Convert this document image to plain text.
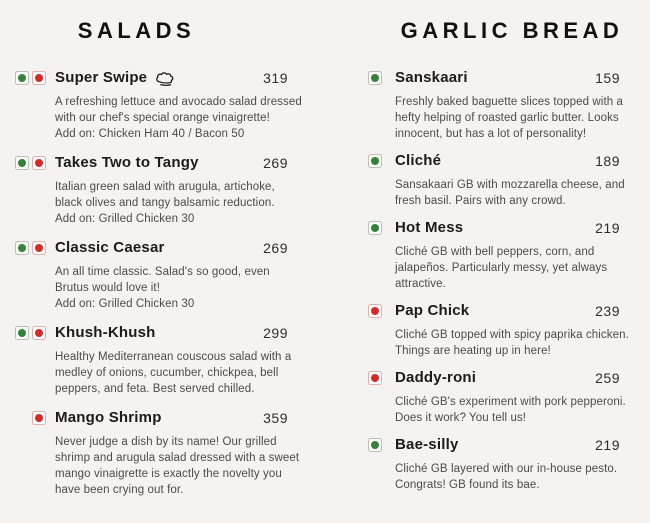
SALADS
Super Swipe	319
A refreshing lettuce and avocado salad dressed with our chef's special orange vinaigrette!
Add on: Chicken Ham 40 / Bacon 50
Takes Two to Tangy	269
Italian green salad with arugula, artichoke, black olives and tangy balsamic reduction.
Add on: Grilled Chicken 30
Classic Caesar	269
An all time classic. Salad's so good, even Brutus would love it!
Add on: Grilled Chicken 30
Khush-Khush	299
Healthy Mediterranean couscous salad with a medley of onions, cucumber, chickpea, bell peppers, and feta. Best served chilled.
Mango Shrimp	359
Never judge a dish by its name! Our grilled shrimp and arugula salad dressed with a sweet mango vinaigrette is exactly the novelty you have been crying out for.
GARLIC BREAD
Sanskaari	159
Freshly baked baguette slices topped with a hefty helping of roasted garlic butter. Looks innocent, but has a lot of personality!
Cliché	189
Sansakaari GB with mozzarella cheese, and fresh basil. Pairs with any crowd.
Hot Mess	219
Cliché GB with bell peppers, corn, and jalapeños. Particularly messy, yet always attractive.
Pap Chick	239
Cliché GB topped with spicy paprika chicken. Things are heating up in here!
Daddy-roni	259
Cliché GB's experiment with pork pepperoni. Does it work? You tell us!
Bae-silly	219
Cliché GB layered with our in-house pesto. Congrats! GB found its bae.
